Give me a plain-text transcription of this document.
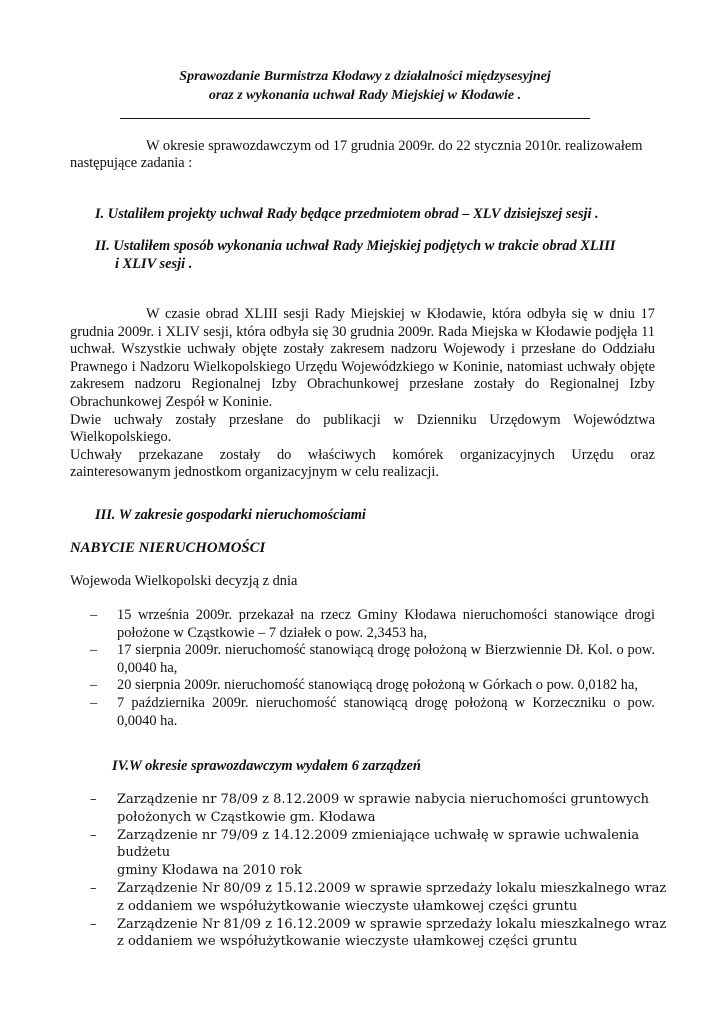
Sprawozdanie Burmistrza Kłodawy z działalności międzysesyjnej
oraz z wykonania uchwał Rady Miejskiej w Kłodawie .
W okresie sprawozdawczym od 17 grudnia 2009r. do 22 stycznia 2010r. realizowałem
następujące zadania :
I. Ustaliłem projekty uchwał Rady będące przedmiotem obrad – XLV dzisiejszej sesji .
II. Ustaliłem sposób wykonania uchwał Rady Miejskiej podjętych w trakcie obrad XLIII
i XLIV sesji .
W czasie obrad XLIII sesji Rady Miejskiej w Kłodawie, która odbyła się w dniu 17 grudnia 2009r. i XLIV sesji, która odbyła się 30 grudnia 2009r. Rada Miejska w Kłodawie podjęła 11 uchwał. Wszystkie uchwały objęte zostały zakresem nadzoru Wojewody i przesłane do Oddziału Prawnego i Nadzoru Wielkopolskiego Urzędu Wojewódzkiego w Koninie, natomiast uchwały objęte zakresem nadzoru Regionalnej Izby Obrachunkowej przesłane zostały do Regionalnej Izby Obrachunkowej Zespół w Koninie.
Dwie uchwały zostały przesłane do publikacji w Dzienniku Urzędowym Województwa Wielkopolskiego.
Uchwały przekazane zostały do właściwych komórek organizacyjnych Urzędu oraz zainteresowanym jednostkom organizacyjnym w celu realizacji.
III. W zakresie gospodarki nieruchomościami
NABYCIE NIERUCHOMOŚCI
Wojewoda Wielkopolski decyzją z dnia
– 15 września 2009r. przekazał na rzecz Gminy Kłodawa nieruchomości stanowiące drogi położone w Cząstkowie – 7 działek o pow. 2,3453 ha,
– 17 sierpnia 2009r. nieruchomość stanowiącą drogę położoną w Bierzwiennie Dł. Kol. o pow. 0,0040 ha,
– 20 sierpnia 2009r. nieruchomość stanowiącą drogę położoną w Górkach o pow. 0,0182 ha,
– 7 października 2009r. nieruchomość stanowiącą drogę położoną w Korzeczniku o pow. 0,0040 ha.
IV.W okresie sprawozdawczym wydałem 6 zarządzeń
– Zarządzenie nr 78/09 z 8.12.2009 w sprawie nabycia nieruchomości gruntowych
położonych w Cząstkowie gm. Kłodawa
– Zarządzenie nr 79/09 z 14.12.2009 zmieniające uchwałę w sprawie uchwalenia budżetu
gminy Kłodawa na 2010 rok
– Zarządzenie Nr 80/09 z 15.12.2009 w sprawie sprzedaży lokalu mieszkalnego wraz
z oddaniem we współużytkowanie wieczyste ułamkowej części gruntu
– Zarządzenie Nr 81/09 z 16.12.2009 w sprawie sprzedaży lokalu mieszkalnego wraz
z oddaniem we współużytkowanie wieczyste ułamkowej części gruntu
